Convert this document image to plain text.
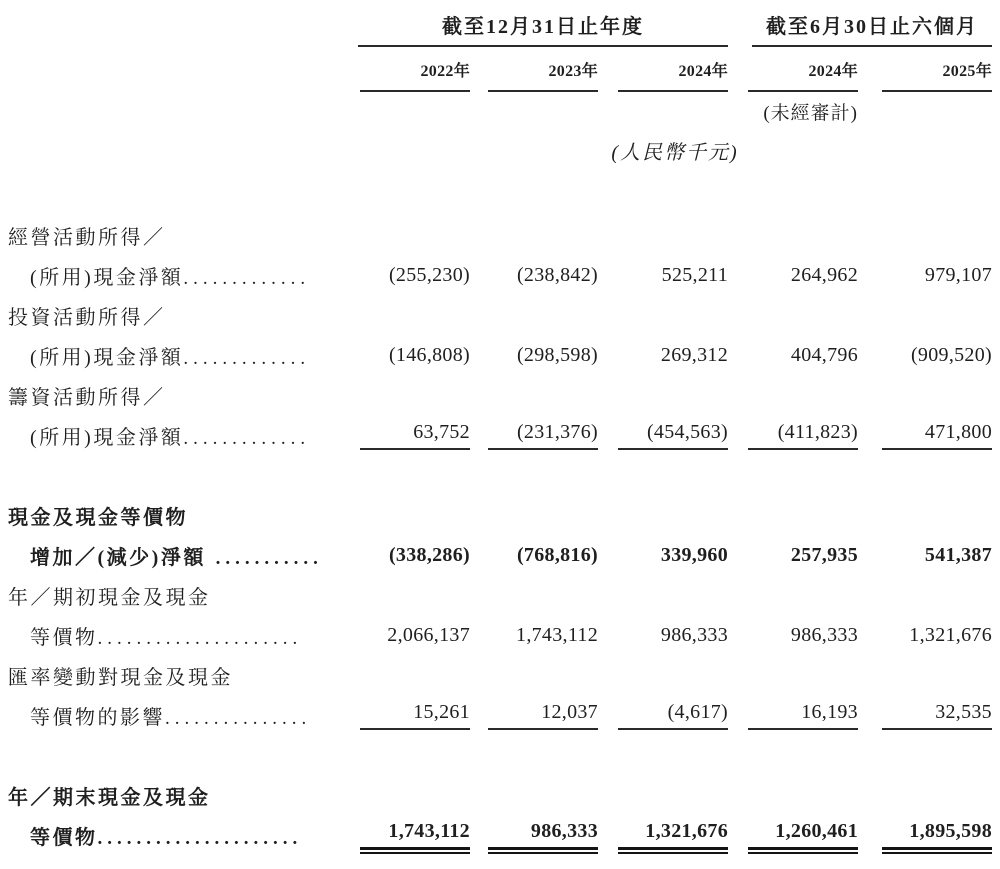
截至12月31日止年度	截至6月30日止六個月
2022年	2023年	2024年	2024年	2025年
(未經審計)
(人民幣千元)
經營活動所得／
(所用)現金淨額.............	(255,230)	(238,842)	525,211	264,962	979,107
投資活動所得／
(所用)現金淨額.............	(146,808)	(298,598)	269,312	404,796	(909,520)
籌資活動所得／
(所用)現金淨額.............	63,752	(231,376)	(454,563)	(411,823)	471,800
現金及現金等價物
增加／(減少)淨額 ...........	(338,286)	(768,816)	339,960	257,935	541,387
年／期初現金及現金
等價物.....................	2,066,137	1,743,112	986,333	986,333	1,321,676
匯率變動對現金及現金
等價物的影響...............	15,261	12,037	(4,617)	16,193	32,535
年／期末現金及現金
等價物.....................	1,743,112	986,333	1,321,676	1,260,461	1,895,598
